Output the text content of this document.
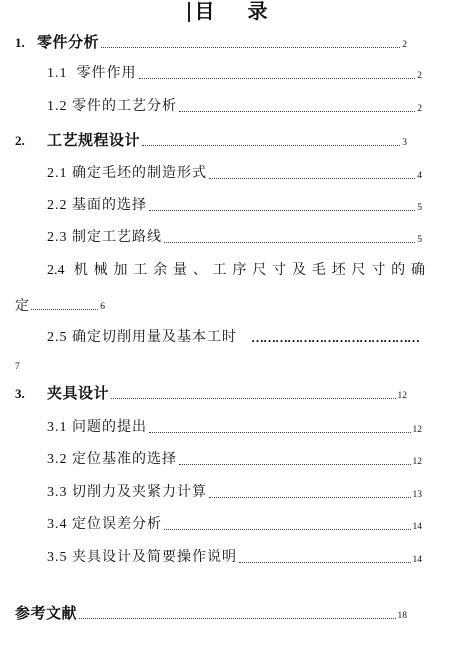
目 录
1. 零件分析	2
1.1  零件作用	2
1.2 零件的工艺分析	2
2.	工艺规程设计	3
2.1 确定毛坯的制造形式	4
2.2 基面的选择	5
2.3 制定工艺路线	5
2.4 机械加工余量、工序尺寸及毛坯尺寸的确
定	6
2.5 确定切削用量及基本工时 ……………………………………
7
3.	夹具设计	12
3.1 问题的提出	12
3.2 定位基准的选择	12
3.3 切削力及夹紧力计算	13
3.4 定位误差分析	14
3.5 夹具设计及简要操作说明	14
参考文献	18
